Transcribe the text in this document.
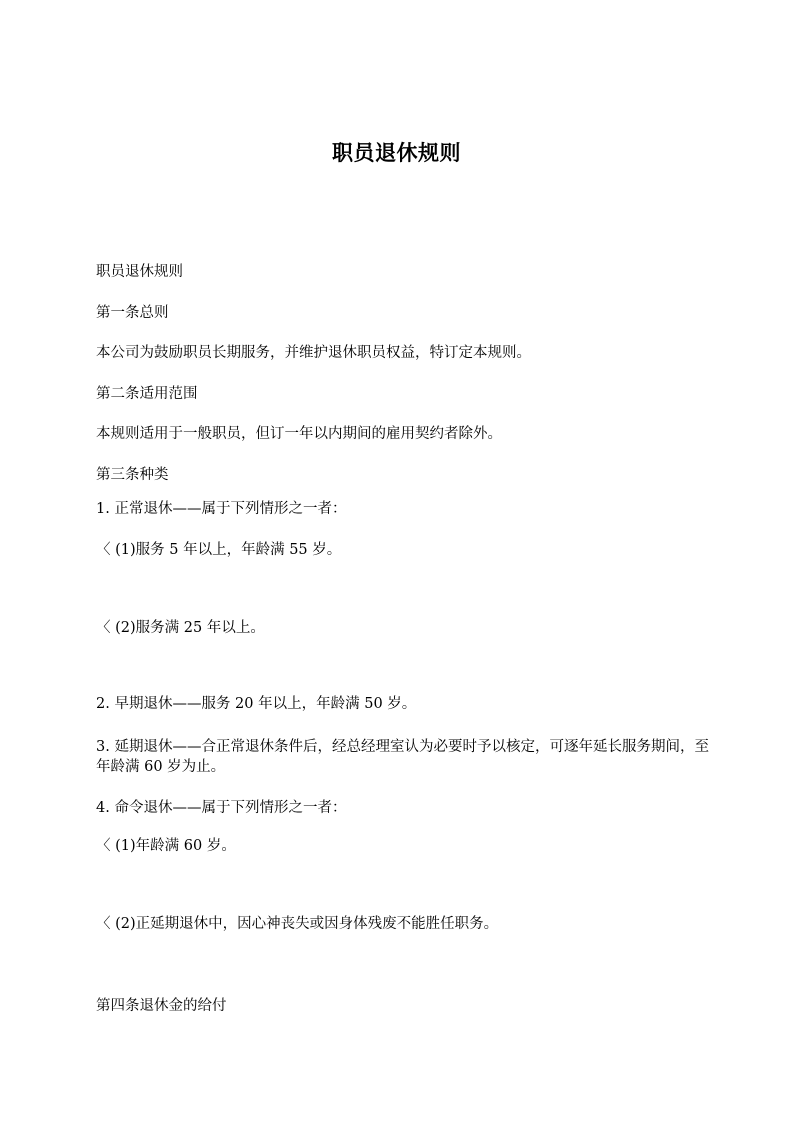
职员退休规则
职员退休规则
第一条总则
本公司为鼓励职员长期服务，并维护退休职员权益，特订定本规则。
第二条适用范围
本规则适用于一般职员，但订一年以内期间的雇用契约者除外。
第三条种类
1. 正常退休——属于下列情形之一者：
〈 (1)服务 5 年以上，年龄满 55 岁。
〈 (2)服务满 25 年以上。
2. 早期退休——服务 20 年以上，年龄满 50 岁。
3. 延期退休——合正常退休条件后，经总经理室认为必要时予以核定，可逐年延长服务期间，至年龄满 60 岁为止。
4. 命令退休——属于下列情形之一者：
〈 (1)年龄满 60 岁。
〈 (2)正延期退休中，因心神丧失或因身体残废不能胜任职务。
第四条退休金的给付
